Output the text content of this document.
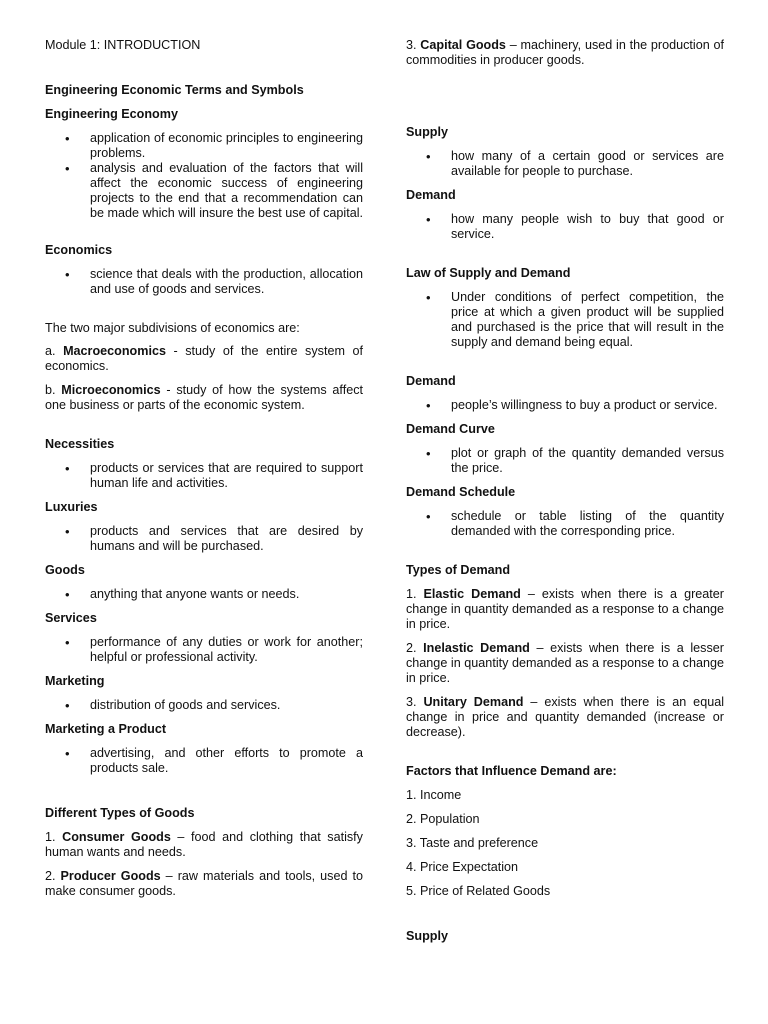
Module 1: INTRODUCTION

Engineering Economic Terms and Symbols

Engineering Economy

• application of economic principles to engineering problems.
• analysis and evaluation of the factors that will affect the economic success of engineering projects to the end that a recommendation can be made which will insure the best use of capital.

Economics

• science that deals with the production, allocation and use of goods and services.

The two major subdivisions of economics are:

a. Macroeconomics - study of the entire system of economics.

b. Microeconomics - study of how the systems affect one business or parts of the economic system.

Necessities

• products or services that are required to support human life and activities.

Luxuries

• products and services that are desired by humans and will be purchased.

Goods

• anything that anyone wants or needs.

Services

• performance of any duties or work for another; helpful or professional activity.

Marketing

• distribution of goods and services.

Marketing a Product

• advertising, and other efforts to promote a products sale.

Different Types of Goods

1. Consumer Goods – food and clothing that satisfy human wants and needs.

2. Producer Goods – raw materials and tools, used to make consumer goods.

3. Capital Goods – machinery, used in the production of commodities in producer goods.

Supply

• how many of a certain good or services are available for people to purchase.

Demand

• how many people wish to buy that good or service.

Law of Supply and Demand

• Under conditions of perfect competition, the price at which a given product will be supplied and purchased is the price that will result in the supply and demand being equal.

Demand

• people’s willingness to buy a product or service.

Demand Curve

• plot or graph of the quantity demanded versus the price.

Demand Schedule

• schedule or table listing of the quantity demanded with the corresponding price.

Types of Demand

1. Elastic Demand – exists when there is a greater change in quantity demanded as a response to a change in price.

2. Inelastic Demand – exists when there is a lesser change in quantity demanded as a response to a change in price.

3. Unitary Demand – exists when there is an equal change in price and quantity demanded (increase or decrease).

Factors that Influence Demand are:

1. Income

2. Population

3. Taste and preference

4. Price Expectation

5. Price of Related Goods

Supply
